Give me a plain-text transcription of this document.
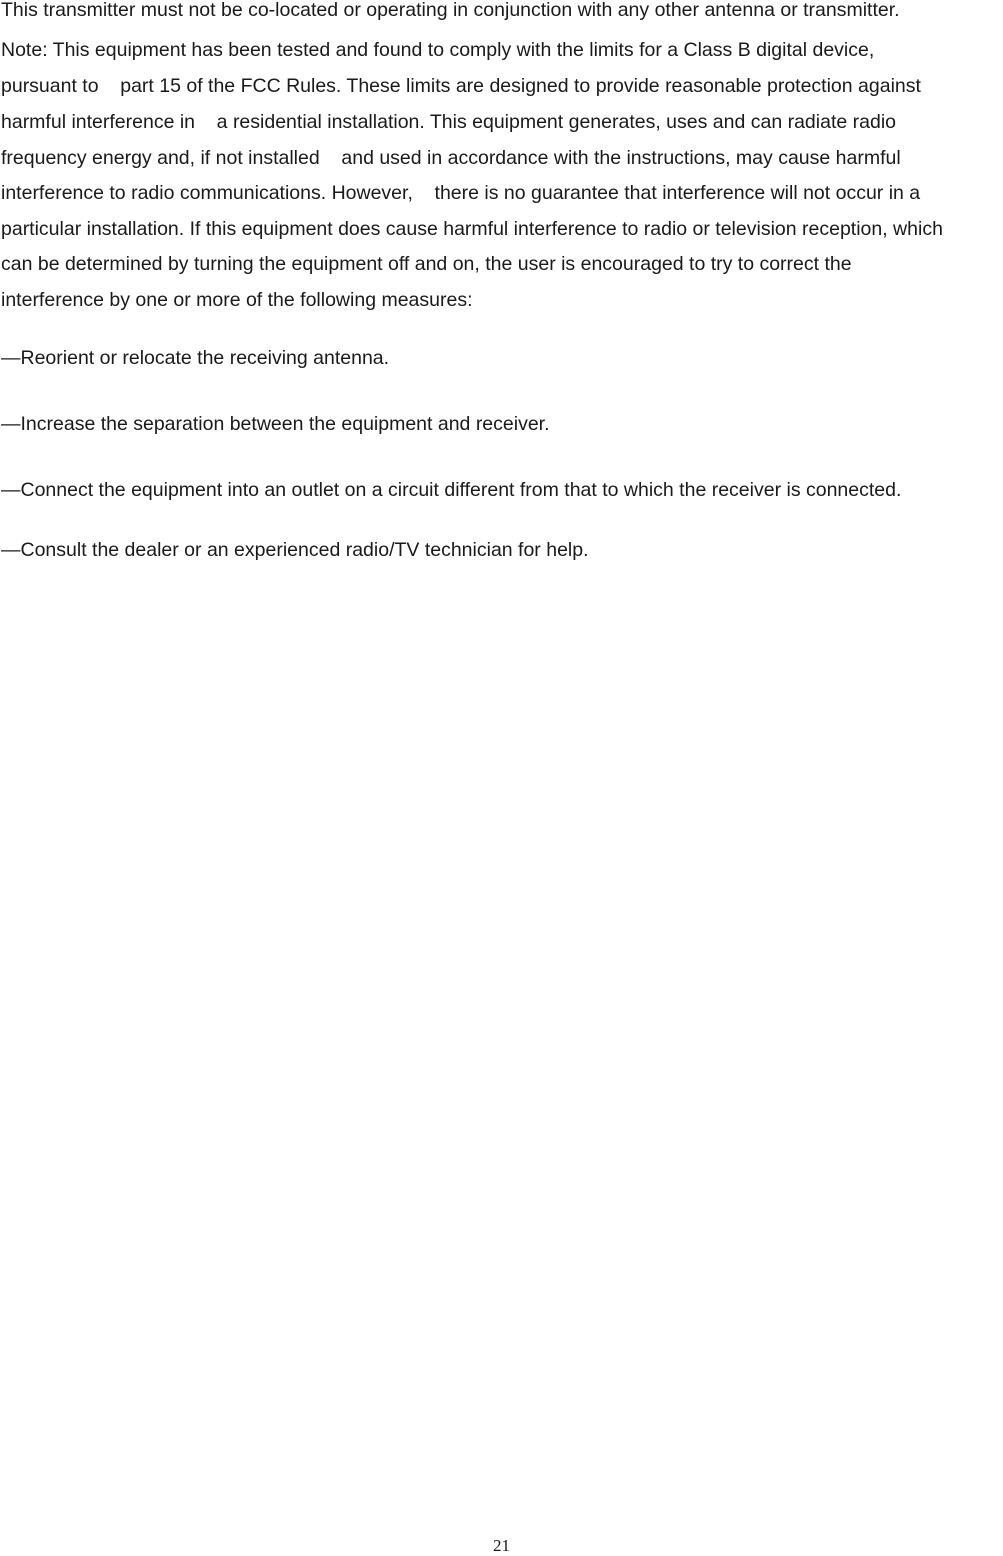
This transmitter must not be co-located or operating in conjunction with any other antenna or transmitter.

Note: This equipment has been tested and found to comply with the limits for a Class B digital device,

pursuant to    part 15 of the FCC Rules. These limits are designed to provide reasonable protection against

harmful interference in    a residential installation. This equipment generates, uses and can radiate radio

frequency energy and, if not installed    and used in accordance with the instructions, may cause harmful

interference to radio communications. However,    there is no guarantee that interference will not occur in a

particular installation. If this equipment does cause harmful interference to radio or television reception, which

can be determined by turning the equipment off and on, the user is encouraged to try to correct the

interference by one or more of the following measures:

—Reorient or relocate the receiving antenna.

—Increase the separation between the equipment and receiver.

—Connect the equipment into an outlet on a circuit different from that to which the receiver is connected.

—Consult the dealer or an experienced radio/TV technician for help.

21
